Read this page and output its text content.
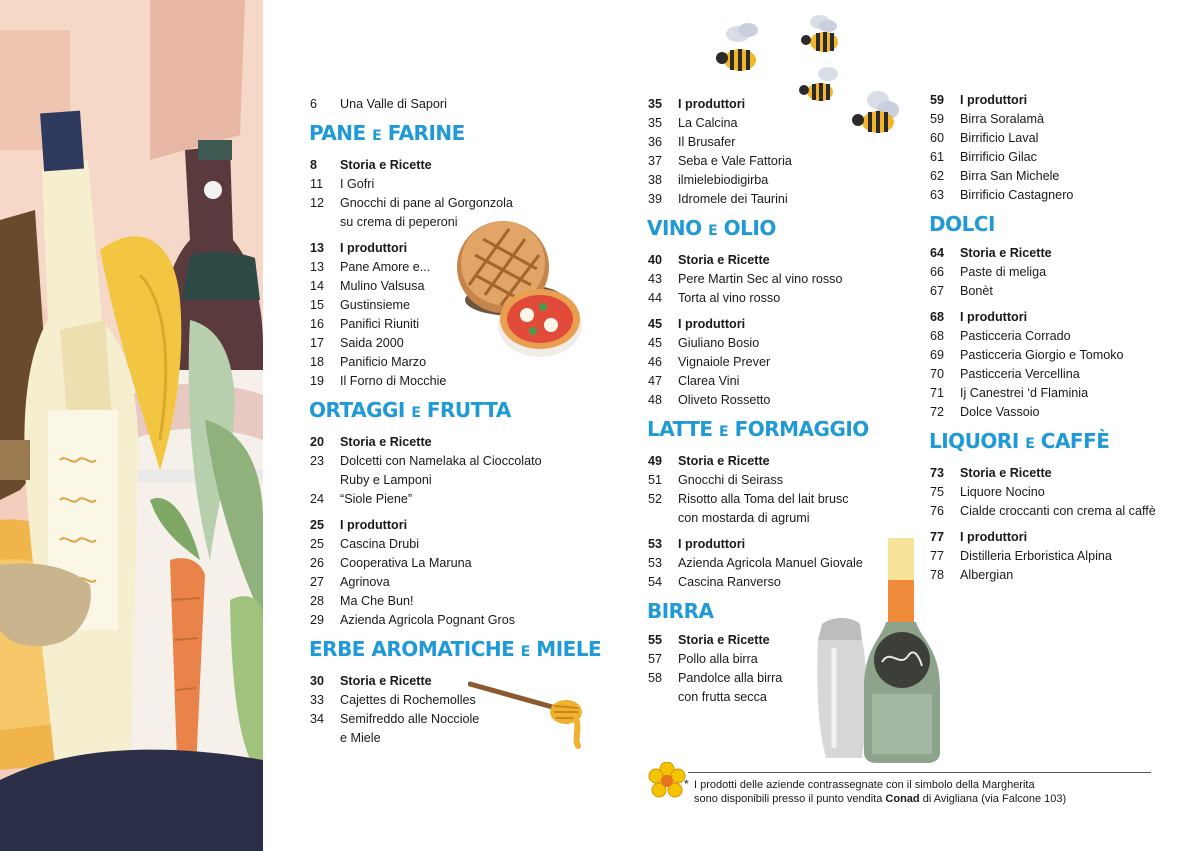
6	Una Valle di Sapori
PANE E FARINE
8	Storia e Ricette
11	I Gofri
12	Gnocchi di pane al Gorgonzola
su crema di peperoni
13	I produttori
13	Pane Amore e...
14	Mulino Valsusa
15	Gustinsieme
16	Panifici Riuniti
17	Saida 2000
18	Panificio Marzo
19	Il Forno di Mocchie
ORTAGGI E FRUTTA
20	Storia e Ricette
23	Dolcetti con Namelaka al Cioccolato
Ruby e Lamponi
24	“Siole Piene”
25	I produttori
25	Cascina Drubi
26	Cooperativa La Maruna
27	Agrinova
28	Ma Che Bun!
29	Azienda Agricola Pognant Gros
ERBE AROMATICHE E MIELE
30	Storia e Ricette
33	Cajettes di Rochemolles
34	Semifreddo alle Nocciole
e Miele
35	I produttori
35	La Calcina
36	Il Brusafer
37	Seba e Vale Fattoria
38	ilmielebiodigirba
39	Idromele dei Taurini
VINO E OLIO
40	Storia e Ricette
43	Pere Martin Sec al vino rosso
44	Torta al vino rosso
45	I produttori
45	Giuliano Bosio
46	Vignaiole Prever
47	Clarea Vini
48	Oliveto Rossetto
LATTE E FORMAGGIO
49	Storia e Ricette
51	Gnocchi di Seirass
52	Risotto alla Toma del lait brusc
con mostarda di agrumi
53	I produttori
53	Azienda Agricola Manuel Giovale
54	Cascina Ranverso
BIRRA
55	Storia e Ricette
57	Pollo alla birra
58	Pandolce alla birra
con frutta secca
59	I produttori
59	Birra Soralamà
60	Birrificio Laval
61	Birrificio Gilac
62	Birra San Michele
63	Birrificio Castagnero
DOLCI
64	Storia e Ricette
66	Paste di meliga
67	Bonèt
68	I produttori
68	Pasticceria Corrado
69	Pasticceria Giorgio e Tomoko
70	Pasticceria Vercellina
71	Ij Canestrei ‘d Flaminia
72	Dolce Vassoio
LIQUORI E CAFFÈ
73	Storia e Ricette
75	Liquore Nocino
76	Cialde croccanti con crema al caffè
77	I produttori
77	Distilleria Erboristica Alpina
78	Albergian
* I prodotti delle aziende contrassegnate con il simbolo della Margherita
sono disponibili presso il punto vendita Conad di Avigliana (via Falcone 103)
